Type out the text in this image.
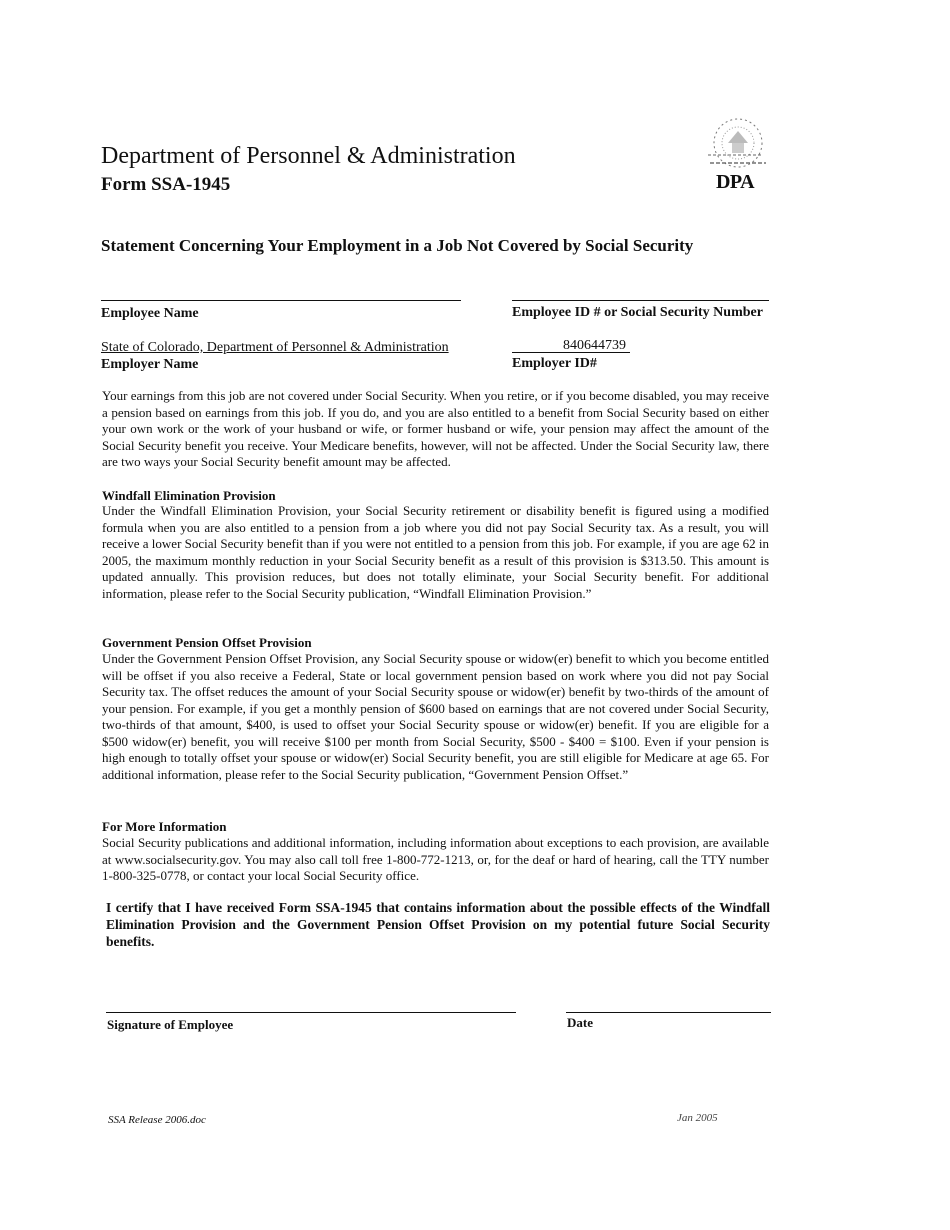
Department of Personnel & Administration
Form SSA-1945	DPA
Statement Concerning Your Employment in a Job Not Covered by Social Security
Employee Name	Employee ID # or Social Security Number
State of Colorado, Department of Personnel & Administration
Employer Name
840644739
Employer ID#
Your earnings from this job are not covered under Social Security. When you retire, or if you become disabled, you may receive a pension based on earnings from this job. If you do, and you are also entitled to a benefit from Social Security based on either your own work or the work of your husband or wife, or former husband or wife, your pension may affect the amount of the Social Security benefit you receive. Your Medicare benefits, however, will not be affected. Under the Social Security law, there are two ways your Social Security benefit amount may be affected.
Windfall Elimination Provision
Under the Windfall Elimination Provision, your Social Security retirement or disability benefit is figured using a modified formula when you are also entitled to a pension from a job where you did not pay Social Security tax. As a result, you will receive a lower Social Security benefit than if you were not entitled to a pension from this job. For example, if you are age 62 in 2005, the maximum monthly reduction in your Social Security benefit as a result of this provision is $313.50. This amount is updated annually. This provision reduces, but does not totally eliminate, your Social Security benefit. For additional information, please refer to the Social Security publication, “Windfall Elimination Provision.”
Government Pension Offset Provision
Under the Government Pension Offset Provision, any Social Security spouse or widow(er) benefit to which you become entitled will be offset if you also receive a Federal, State or local government pension based on work where you did not pay Social Security tax. The offset reduces the amount of your Social Security spouse or widow(er) benefit by two-thirds of the amount of your pension. For example, if you get a monthly pension of $600 based on earnings that are not covered under Social Security, two-thirds of that amount, $400, is used to offset your Social Security spouse or widow(er) benefit. If you are eligible for a $500 widow(er) benefit, you will receive $100 per month from Social Security, $500 - $400 = $100. Even if your pension is high enough to totally offset your spouse or widow(er) Social Security benefit, you are still eligible for Medicare at age 65. For additional information, please refer to the Social Security publication, “Government Pension Offset.”
For More Information
Social Security publications and additional information, including information about exceptions to each provision, are available at www.socialsecurity.gov. You may also call toll free 1-800-772-1213, or, for the deaf or hard of hearing, call the TTY number 1-800-325-0778, or contact your local Social Security office.
I certify that I have received Form SSA-1945 that contains information about the possible effects of the Windfall Elimination Provision and the Government Pension Offset Provision on my potential future Social Security benefits.
Signature of Employee	Date
SSA Release 2006.doc	Jan 2005
